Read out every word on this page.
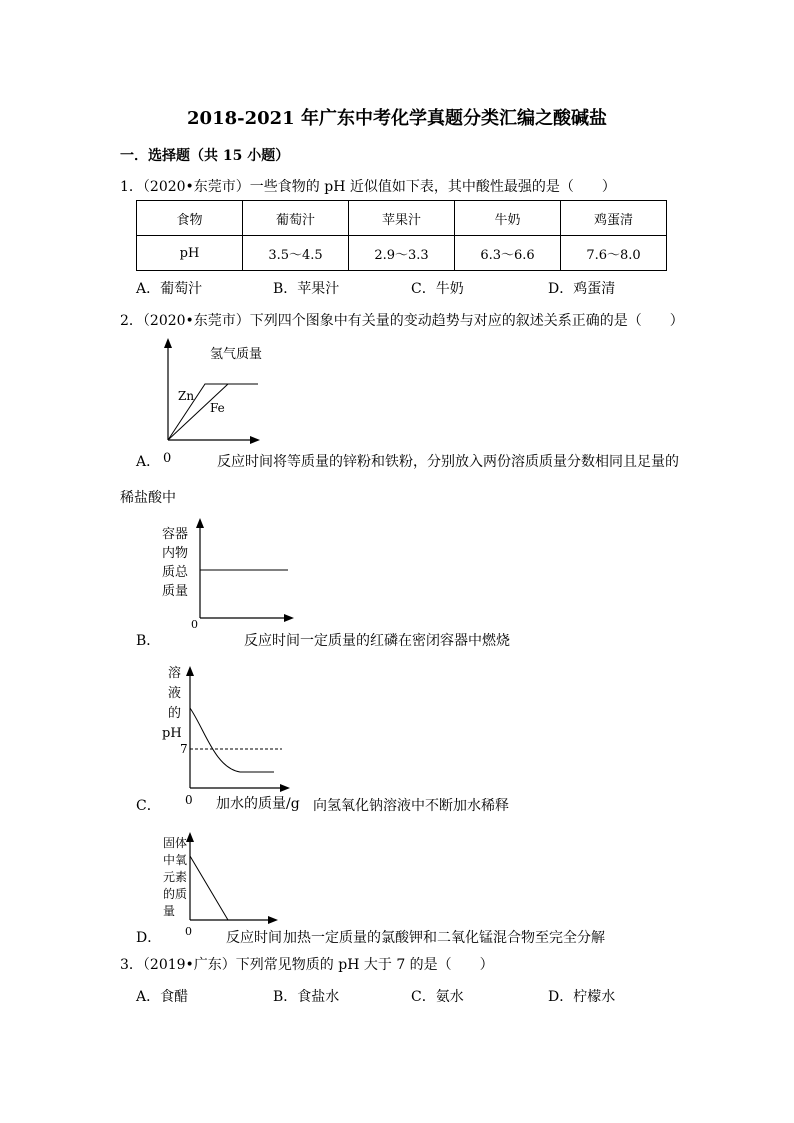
2018-2021 年广东中考化学真题分类汇编之酸碱盐
一．选择题（共 15 小题）
1．（2020•东莞市）一些食物的 pH 近似值如下表，其中酸性最强的是（　　）
食物	葡萄汁	苹果汁	牛奶	鸡蛋清
pH	3.5～4.5	2.9～3.3	6.3～6.6	7.6～8.0
A．葡萄汁	B．苹果汁	C．牛奶	D．鸡蛋清
2．（2020•东莞市）下列四个图象中有关量的变动趋势与对应的叙述关系正确的是（　　）
氢气质量
Zn
Fe
A． 0	反应时间 将等质量的锌粉和铁粉，分别放入两份溶质质量分数相同且足量的
稀盐酸中
容器
内物
质总
质量
0
B．	反应时间 一定质量的红磷在密闭容器中燃烧
溶
液
的
pH
7
C． 0 加水的质量/g 向氢氧化钠溶液中不断加水稀释
固体
中氧
元素
的质
量
0
D．	反应时间 加热一定质量的氯酸钾和二氧化锰混合物至完全分解
3．（2019•广东）下列常见物质的 pH 大于 7 的是（　　）
A．食醋	B．食盐水	C．氨水	D．柠檬水
